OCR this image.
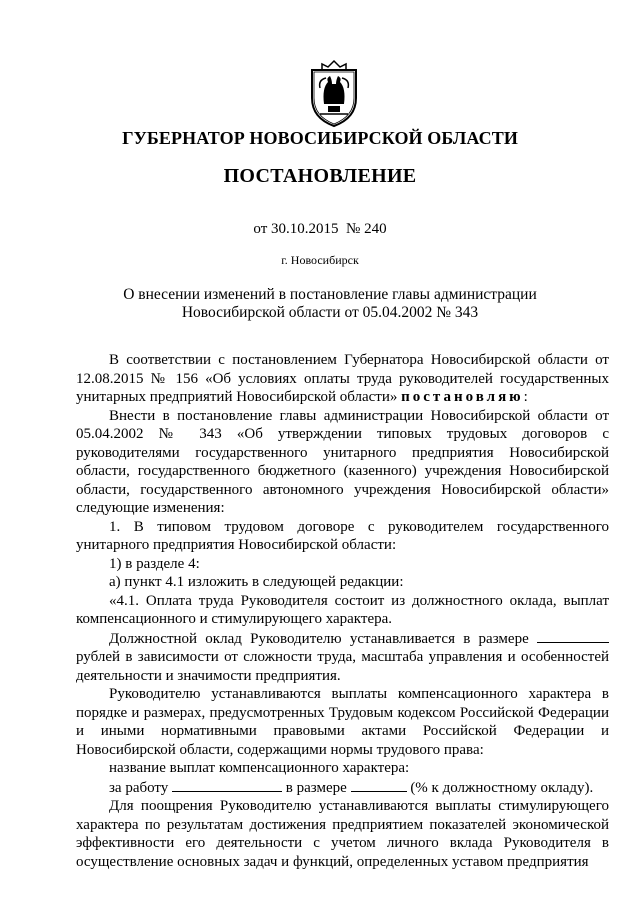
ГУБЕРНАТОР НОВОСИБИРСКОЙ ОБЛАСТИ
ПОСТАНОВЛЕНИЕ
от 30.10.2015 № 240
г. Новосибирск
О внесении изменений в постановление главы администрации Новосибирской области от 05.04.2002 № 343

В соответствии с постановлением Губернатора Новосибирской области от 12.08.2015 № 156 «Об условиях оплаты труда руководителей государственных унитарных предприятий Новосибирской области» постановляю:

Внести в постановление главы администрации Новосибирской области от 05.04.2002 № 343 «Об утверждении типовых трудовых договоров с руководителями государственного унитарного предприятия Новосибирской области, государственного бюджетного (казенного) учреждения Новосибирской области, государственного автономного учреждения Новосибирской области» следующие изменения:

1. В типовом трудовом договоре с руководителем государственного унитарного предприятия Новосибирской области:

1) в разделе 4:

а) пункт 4.1 изложить в следующей редакции:

«4.1. Оплата труда Руководителя состоит из должностного оклада, выплат компенсационного и стимулирующего характера.

Должностной оклад Руководителю устанавливается в размере  рублей в зависимости от сложности труда, масштаба управления и особенностей деятельности и значимости предприятия.

Руководителю устанавливаются выплаты компенсационного характера в порядке и размерах, предусмотренных Трудовым кодексом Российской Федерации и иными нормативными правовыми актами Российской Федерации и Новосибирской области, содержащими нормы трудового права:

название выплат компенсационного характера:

за работу	в размере	(% к должностному окладу).

Для поощрения Руководителю устанавливаются выплаты стимулирующего характера по результатам достижения предприятием показателей экономической эффективности его деятельности с учетом личного вклада Руководителя в осуществление основных задач и функций, определенных уставом предприятия
